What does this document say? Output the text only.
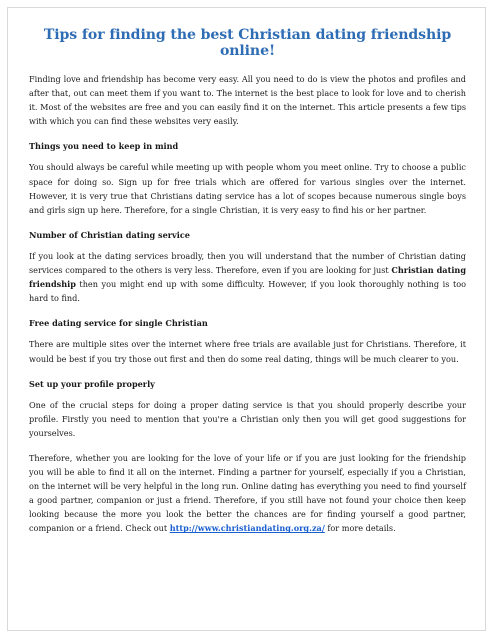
Tips for finding the best Christian dating friendship online!

Finding love and friendship has become very easy. All you need to do is view the photos and profiles and after that, out can meet them if you want to. The internet is the best place to look for love and to cherish it. Most of the websites are free and you can easily find it on the internet. This article presents a few tips with which you can find these websites very easily.

Things you need to keep in mind

You should always be careful while meeting up with people whom you meet online. Try to choose a public space for doing so. Sign up for free trials which are offered for various singles over the internet. However, it is very true that Christians dating service has a lot of scopes because numerous single boys and girls sign up here. Therefore, for a single Christian, it is very easy to find his or her partner.

Number of Christian dating service

If you look at the dating services broadly, then you will understand that the number of Christian dating services compared to the others is very less. Therefore, even if you are looking for just Christian dating friendship then you might end up with some difficulty. However, if you look thoroughly nothing is too hard to find.

Free dating service for single Christian

There are multiple sites over the internet where free trials are available just for Christians. Therefore, it would be best if you try those out first and then do some real dating, things will be much clearer to you.

Set up your profile properly

One of the crucial steps for doing a proper dating service is that you should properly describe your profile. Firstly you need to mention that you're a Christian only then you will get good suggestions for yourselves.

Therefore, whether you are looking for the love of your life or if you are just looking for the friendship you will be able to find it all on the internet. Finding a partner for yourself, especially if you a Christian, on the internet will be very helpful in the long run. Online dating has everything you need to find yourself a good partner, companion or just a friend. Therefore, if you still have not found your choice then keep looking because the more you look the better the chances are for finding yourself a good partner, companion or a friend. Check out http://www.christiandating.org.za/ for more details.
